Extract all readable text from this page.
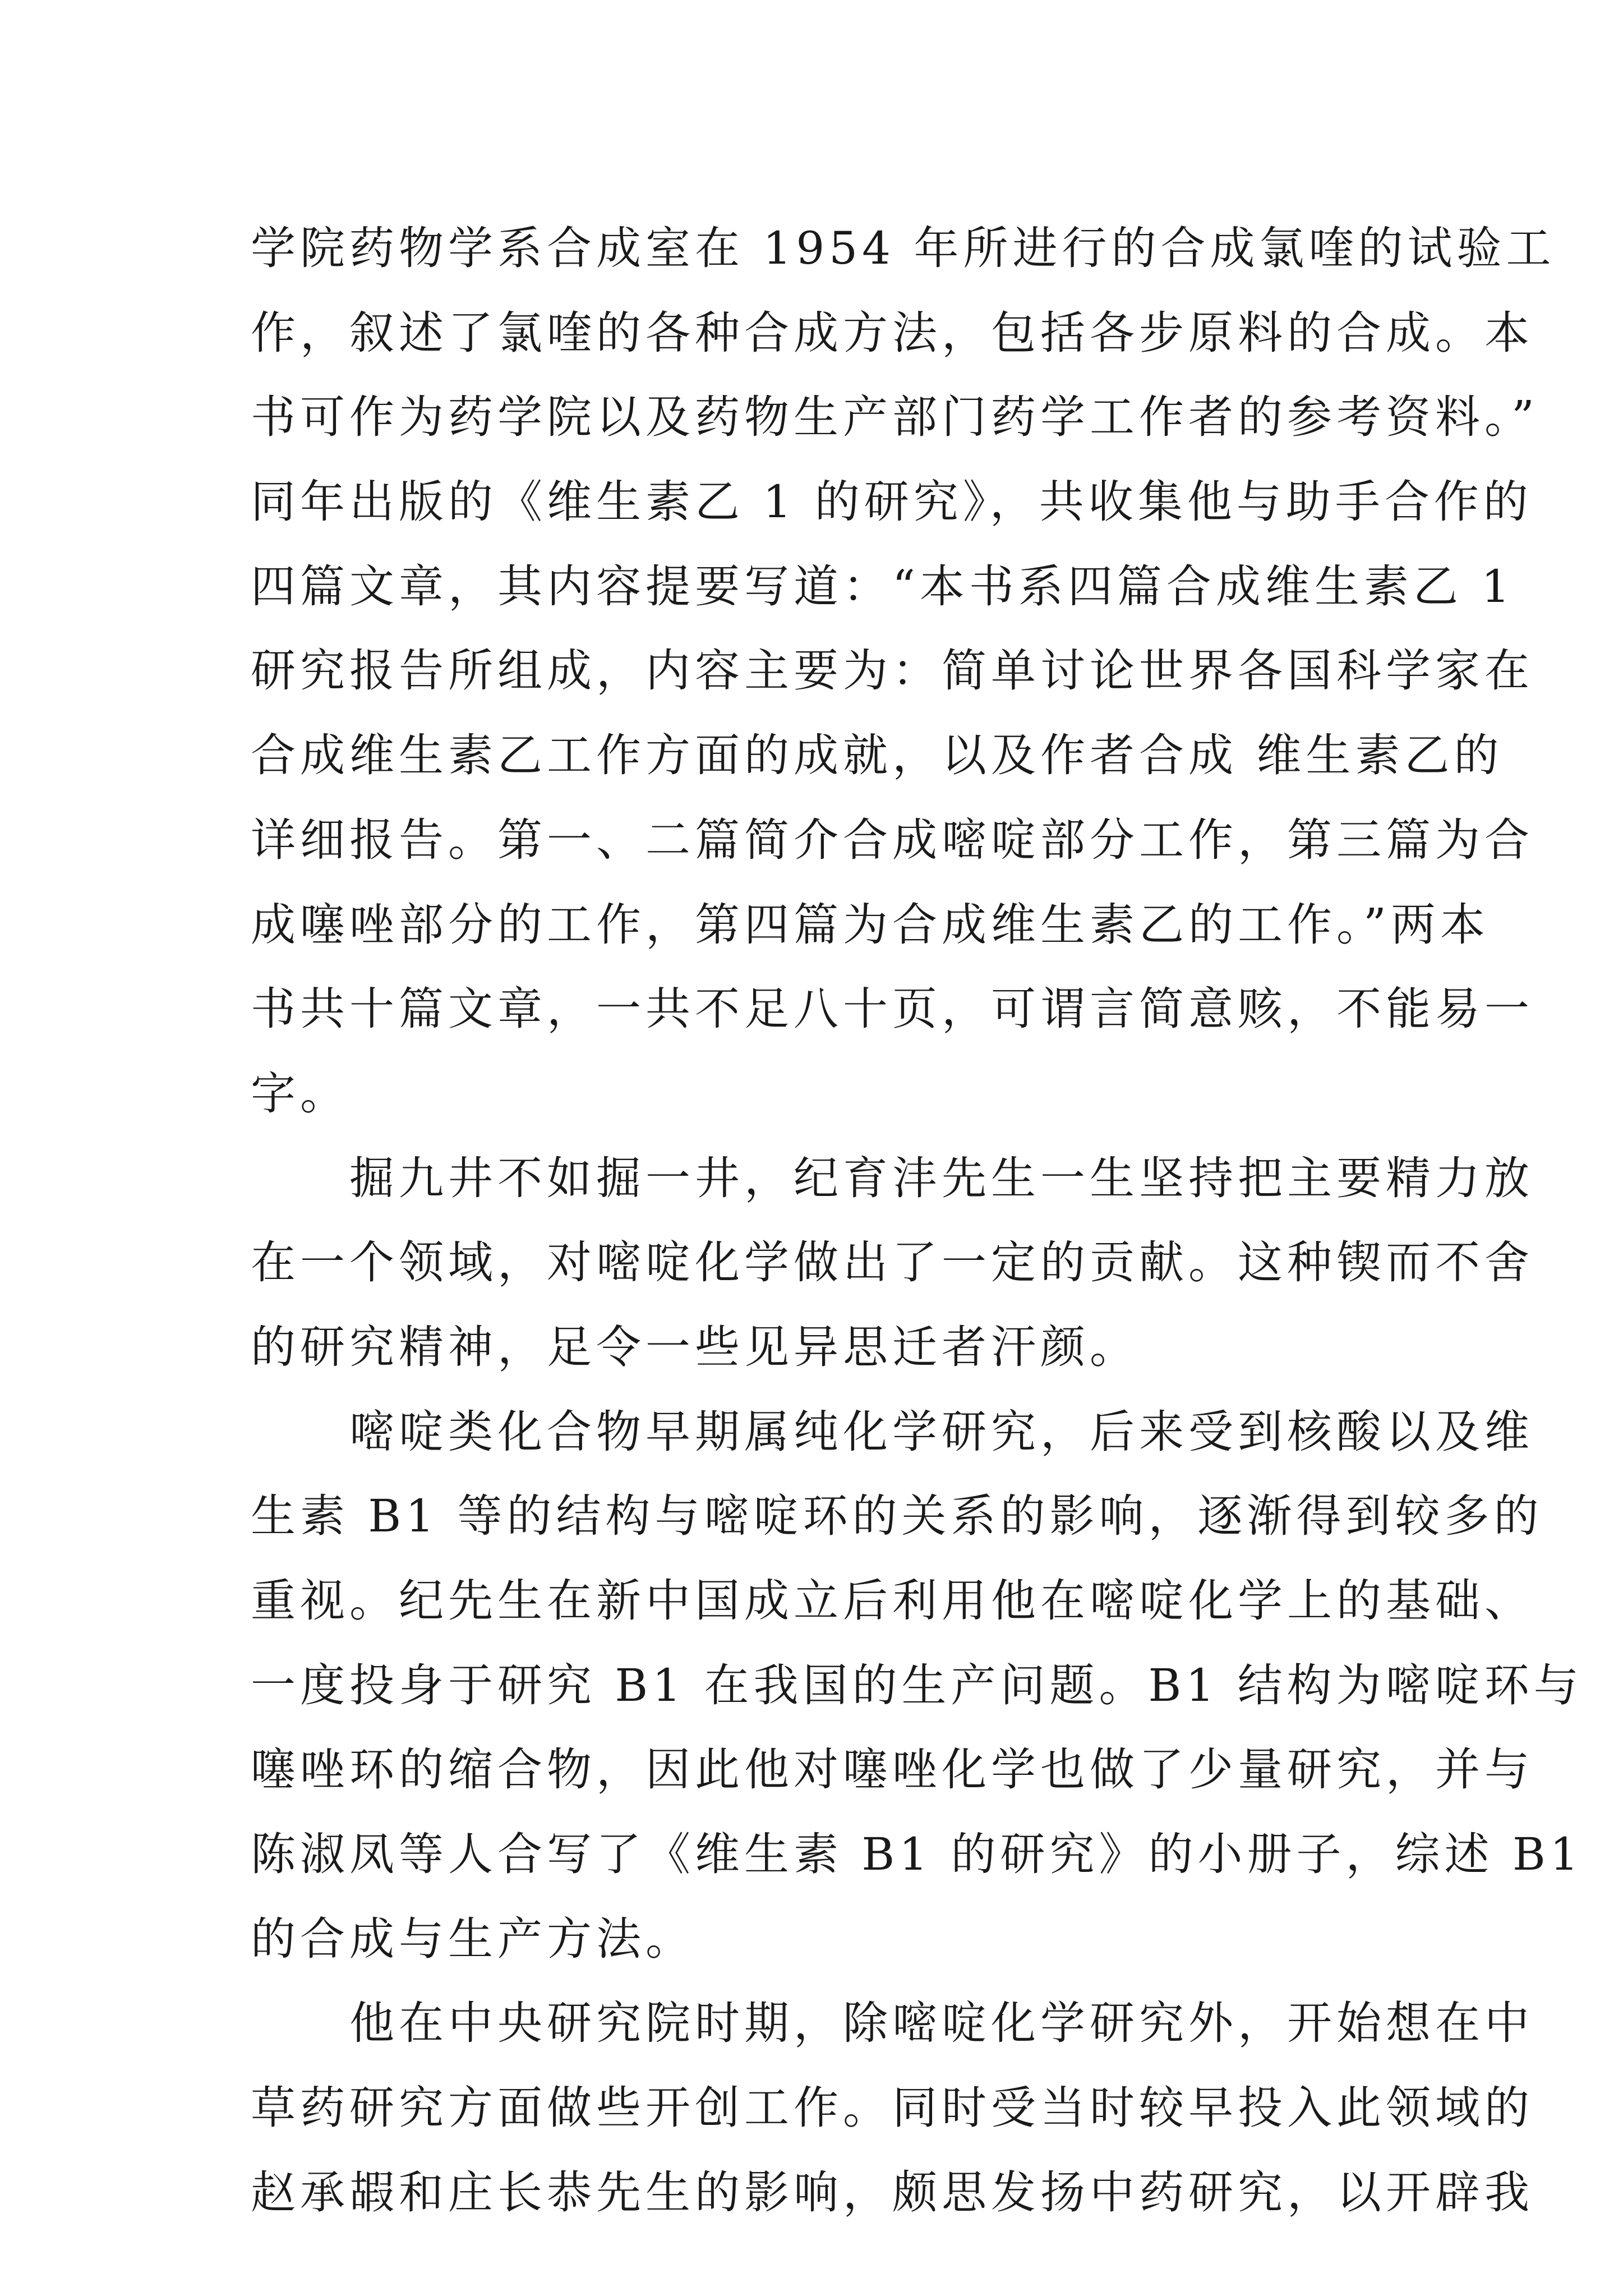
学院药物学系合成室在 1954 年所进行的合成氯喹的试验工
作，叙述了氯喹的各种合成方法，包括各步原料的合成。本
书可作为药学院以及药物生产部门药学工作者的参考资料。”
同年出版的《维生素乙 1 的研究》，共收集他与助手合作的
四篇文章，其内容提要写道：“本书系四篇合成维生素乙 1
研究报告所组成，内容主要为：简单讨论世界各国科学家在
合成维生素乙工作方面的成就，以及作者合成 维生素乙的
详细报告。第一、二篇简介合成嘧啶部分工作，第三篇为合
成噻唑部分的工作，第四篇为合成维生素乙的工作。”两本
书共十篇文章，一共不足八十页，可谓言简意赅，不能易一
字。

掘九井不如掘一井，纪育沣先生一生坚持把主要精力放
在一个领域，对嘧啶化学做出了一定的贡献。这种锲而不舍
的研究精神，足令一些见异思迁者汗颜。

嘧啶类化合物早期属纯化学研究，后来受到核酸以及维
生素 B1 等的结构与嘧啶环的关系的影响，逐渐得到较多的
重视。纪先生在新中国成立后利用他在嘧啶化学上的基础、
一度投身于研究 B1 在我国的生产问题。B1 结构为嘧啶环与
噻唑环的缩合物，因此他对噻唑化学也做了少量研究，并与
陈淑凤等人合写了《维生素 B1 的研究》的小册子，综述 B1
的合成与生产方法。

他在中央研究院时期，除嘧啶化学研究外，开始想在中
草药研究方面做些开创工作。同时受当时较早投入此领域的
赵承嘏和庄长恭先生的影响，颇思发扬中药研究，以开辟我
